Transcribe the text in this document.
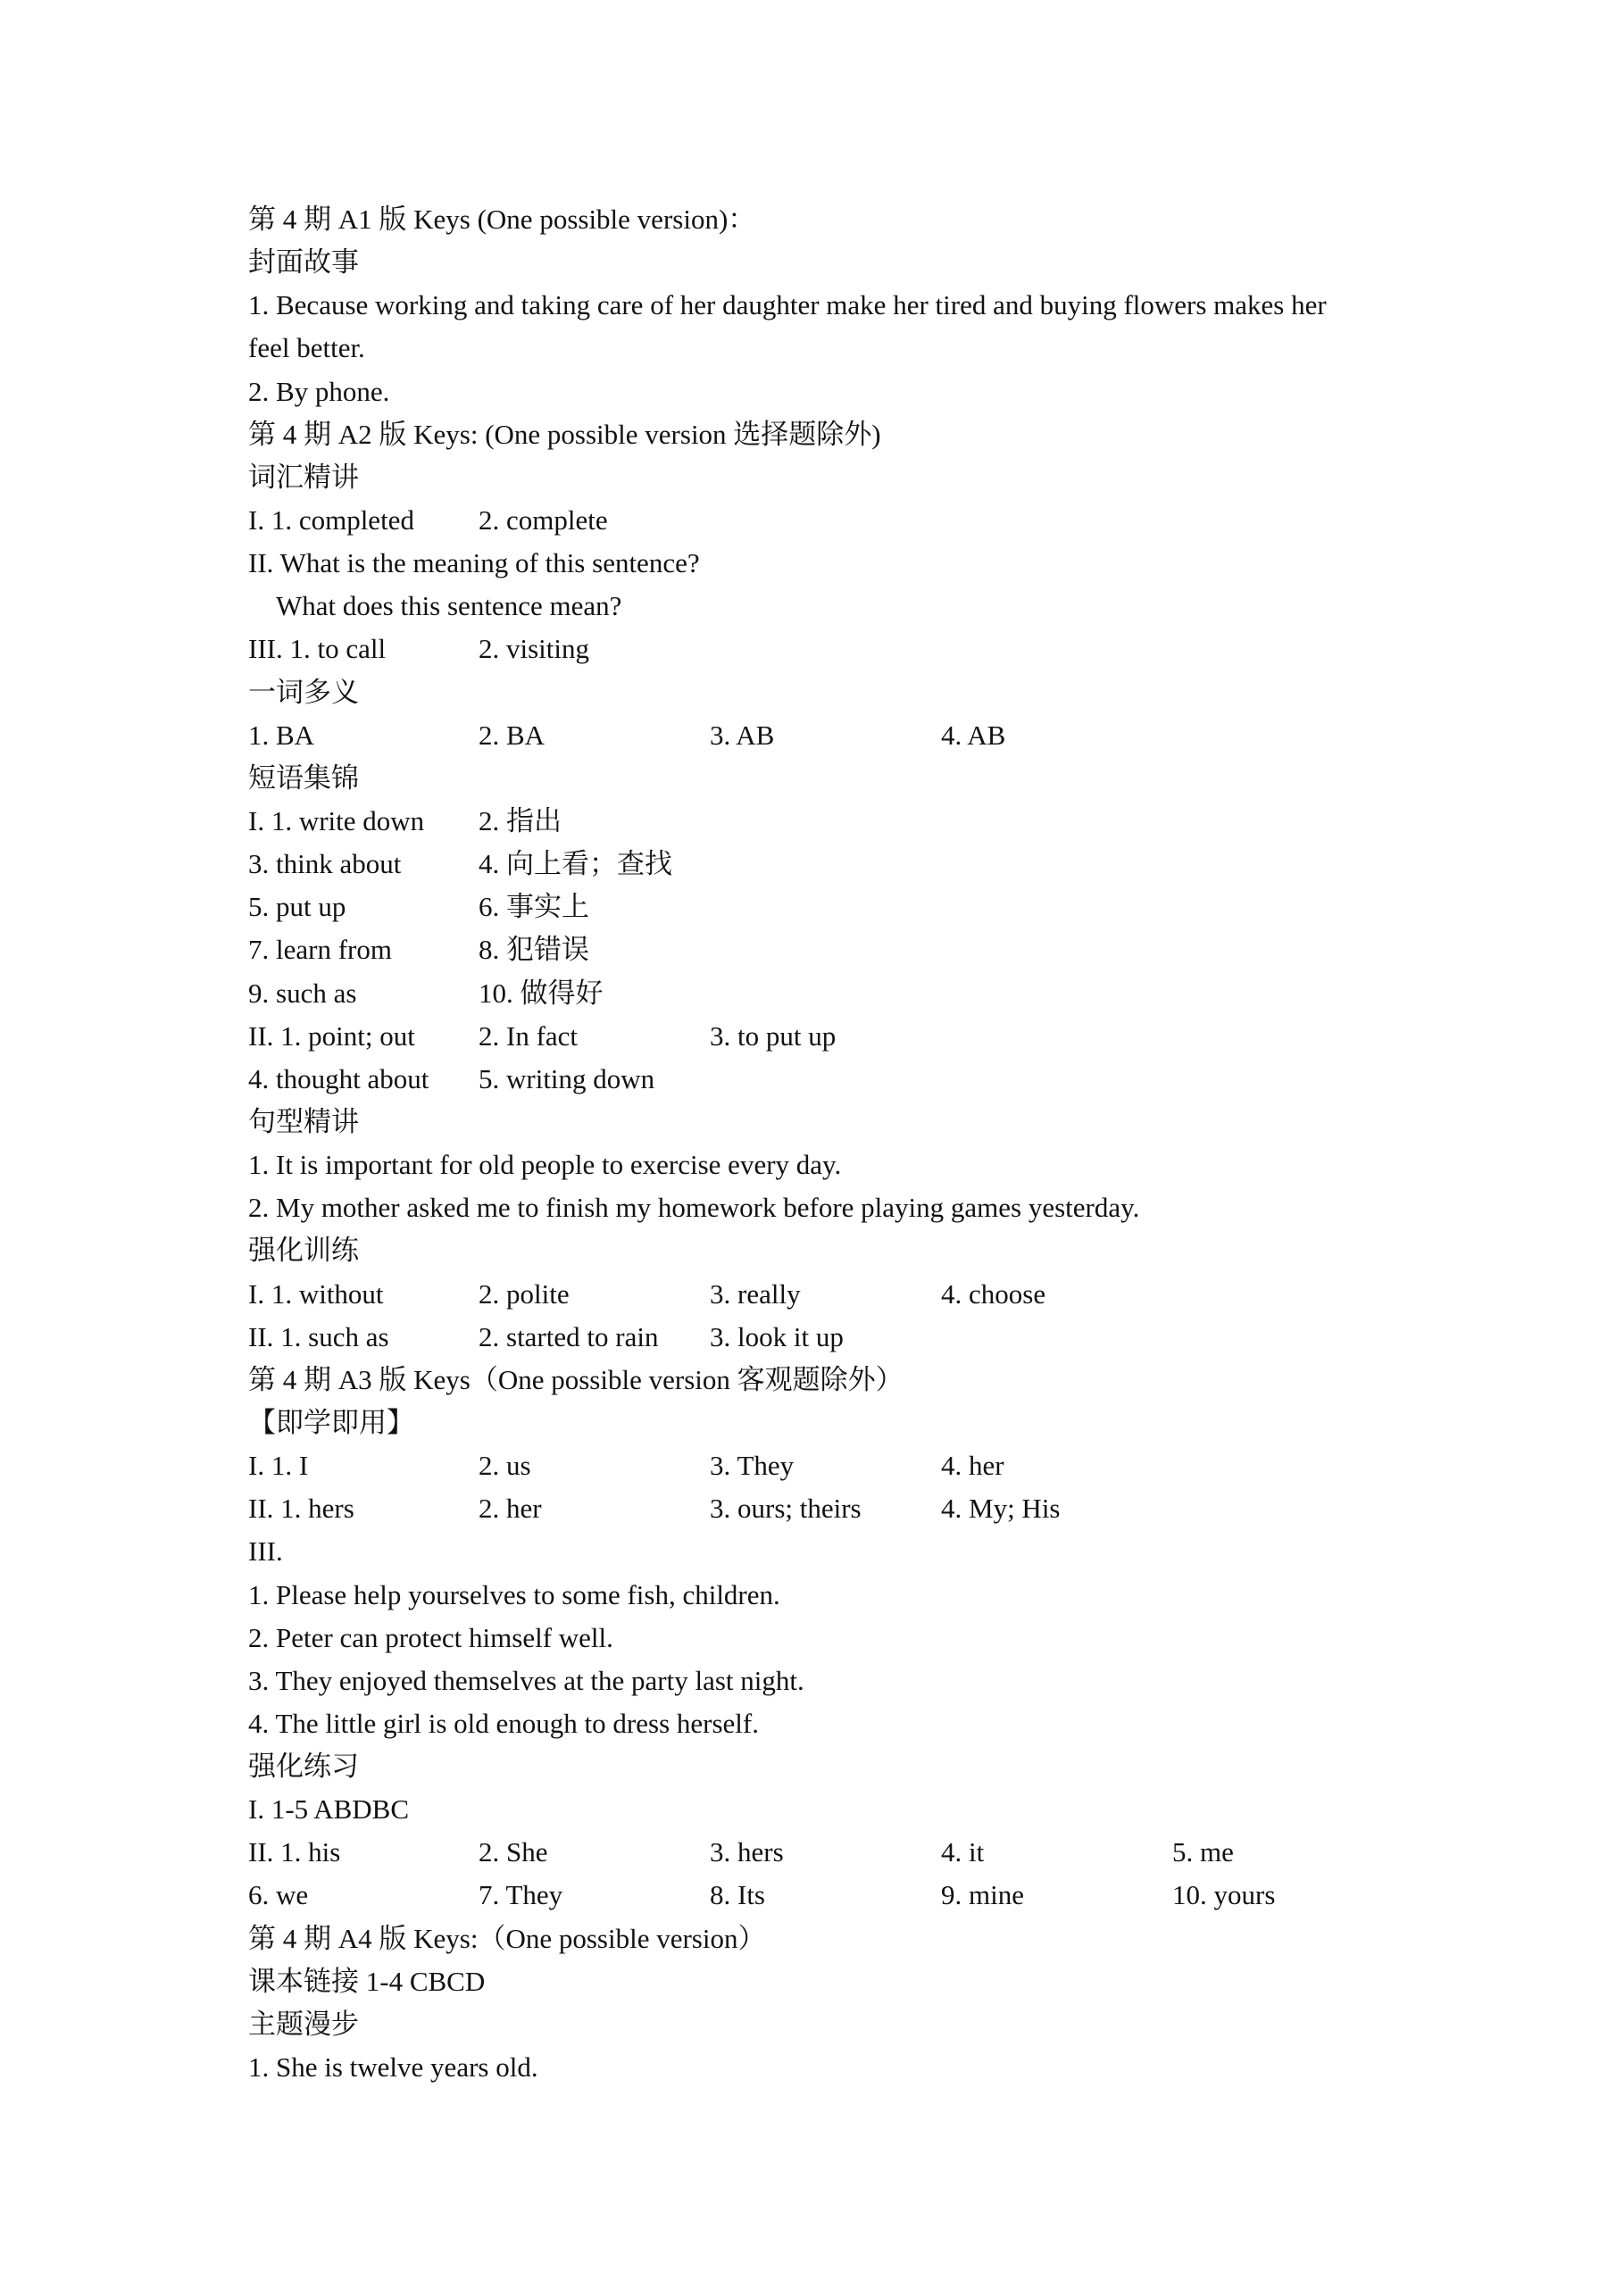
第 4 期 A1 版 Keys (One possible version)：
封面故事
1. Because working and taking care of her daughter make her tired and buying flowers makes her
feel better.
2. By phone.
第 4 期 A2 版 Keys: (One possible version 选择题除外)
词汇精讲
I. 1. completed 2. complete
II. What is the meaning of this sentence?
What does this sentence mean?
III. 1. to call	2. visiting
一词多义
1. BA	2. BA	3. AB	4. AB
短语集锦
I. 1. write down 2. 指出
3. think about	4. 向上看；查找
5. put up	6. 事实上
7. learn from	8. 犯错误
9. such as	10. 做得好
II. 1. point; out 2. In fact	3. to put up
4. thought about 5. writing down
句型精讲
1. It is important for old people to exercise every day.
2. My mother asked me to finish my homework before playing games yesterday.
强化训练
I. 1. without	2. polite	3. really	4. choose
II. 1. such as	2. started to rain 3. look it up
第 4 期 A3 版 Keys（One possible version 客观题除外）
【即学即用】
I. 1. I	2. us	3. They	4. her
II. 1. hers	2. her	3. ours; theirs	4. My; His
III.
1. Please help yourselves to some fish, children.
2. Peter can protect himself well.
3. They enjoyed themselves at the party last night.
4. The little girl is old enough to dress herself.
强化练习
I. 1-5 ABDBC
II. 1. his	2. She	3. hers	4. it	5. me
6. we	7. They	8. Its	9. mine	10. yours
第 4 期 A4 版 Keys:（One possible version）
课本链接 1-4 CBCD
主题漫步
1. She is twelve years old.
